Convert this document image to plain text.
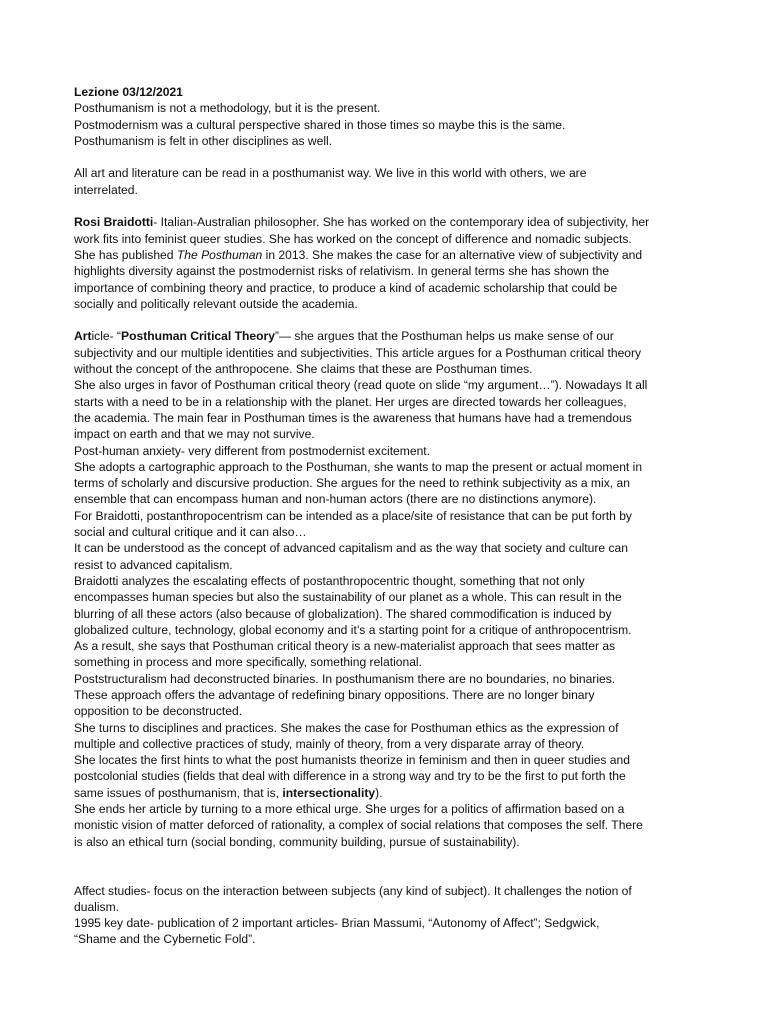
Lezione 03/12/2021
Posthumanism is not a methodology, but it is the present.
Postmodernism was a cultural perspective shared in those times so maybe this is the same.
Posthumanism is felt in other disciplines as well.
All art and literature can be read in a posthumanist way. We live in this world with others, we are
interrelated.
Rosi Braidotti- Italian-Australian philosopher. She has worked on the contemporary idea of subjectivity, her
work fits into feminist queer studies. She has worked on the concept of difference and nomadic subjects.
She has published The Posthuman in 2013. She makes the case for an alternative view of subjectivity and
highlights diversity against the postmodernist risks of relativism. In general terms she has shown the
importance of combining theory and practice, to produce a kind of academic scholarship that could be
socially and politically relevant outside the academia.
Article- “Posthuman Critical Theory”— she argues that the Posthuman helps us make sense of our
subjectivity and our multiple identities and subjectivities. This article argues for a Posthuman critical theory
without the concept of the anthropocene. She claims that these are Posthuman times.
She also urges in favor of Posthuman critical theory (read quote on slide “my argument…”). Nowadays It all
starts with a need to be in a relationship with the planet. Her urges are directed towards her colleagues,
the academia. The main fear in Posthuman times is the awareness that humans have had a tremendous
impact on earth and that we may not survive.
Post-human anxiety- very different from postmodernist excitement.
She adopts a cartographic approach to the Posthuman, she wants to map the present or actual moment in
terms of scholarly and discursive production. She argues for the need to rethink subjectivity as a mix, an
ensemble that can encompass human and non-human actors (there are no distinctions anymore).
For Braidotti, postanthropocentrism can be intended as a place/site of resistance that can be put forth by
social and cultural critique and it can also…
It can be understood as the concept of advanced capitalism and as the way that society and culture can
resist to advanced capitalism.
Braidotti analyzes the escalating effects of postanthropocentric thought, something that not only
encompasses human species but also the sustainability of our planet as a whole. This can result in the
blurring of all these actors (also because of globalization). The shared commodification is induced by
globalized culture, technology, global economy and it’s a starting point for a critique of anthropocentrism.
As a result, she says that Posthuman critical theory is a new-materialist approach that sees matter as
something in process and more specifically, something relational.
Poststructuralism had deconstructed binaries. In posthumanism there are no boundaries, no binaries.
These approach offers the advantage of redefining binary oppositions. There are no longer binary
opposition to be deconstructed.
She turns to disciplines and practices. She makes the case for Posthuman ethics as the expression of
multiple and collective practices of study, mainly of theory, from a very disparate array of theory.
She locates the first hints to what the post humanists theorize in feminism and then in queer studies and
postcolonial studies (fields that deal with difference in a strong way and try to be the first to put forth the
same issues of posthumanism, that is, intersectionality).
She ends her article by turning to a more ethical urge. She urges for a politics of affirmation based on a
monistic vision of matter deforced of rationality, a complex of social relations that composes the self. There
is also an ethical turn (social bonding, community building, pursue of sustainability).
Affect studies- focus on the interaction between subjects (any kind of subject). It challenges the notion of
dualism.
1995 key date- publication of 2 important articles- Brian Massumi, “Autonomy of Affect”; Sedgwick,
“Shame and the Cybernetic Fold”.
